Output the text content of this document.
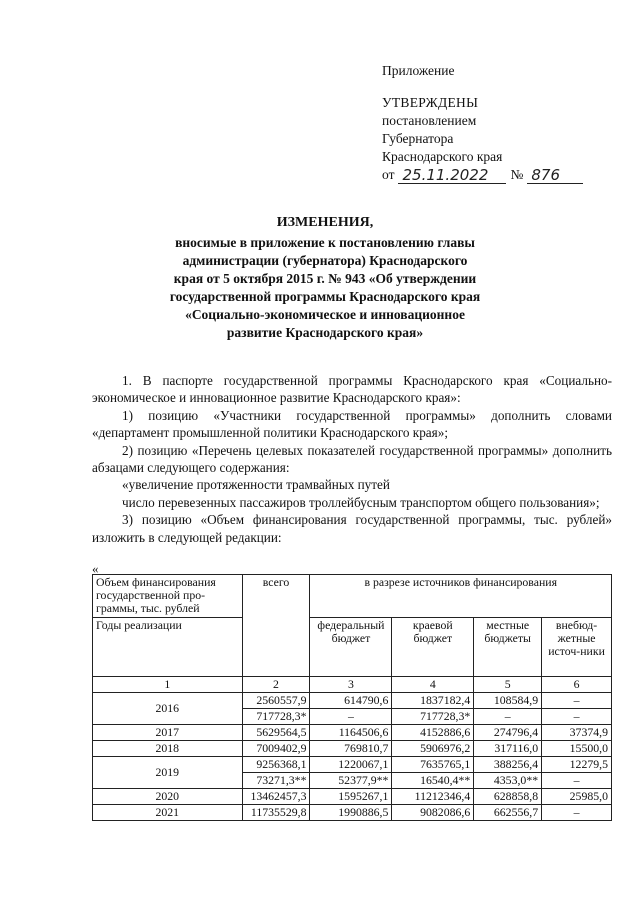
Приложение
УТВЕРЖДЕНЫ
постановлением
Губернатора
Краснодарского края
от 25.11.2022	№ 876
ИЗМЕНЕНИЯ,
вносимые в приложение к постановлению главы
администрации (губернатора) Краснодарского
края от 5 октября 2015 г. № 943 «Об утверждении
государственной программы Краснодарского края
«Социально-экономическое и инновационное
развитие Краснодарского края»

1. В паспорте государственной программы Краснодарского края «Социально-экономическое и инновационное развитие Краснодарского края»:

1) позицию «Участники государственной программы» дополнить словами «департамент промышленной политики Краснодарского края»;

2) позицию «Перечень целевых показателей государственной программы» дополнить абзацами следующего содержания:

«увеличение протяженности трамвайных путей

число перевезенных пассажиров троллейбусным транспортом общего пользования»;

3) позицию «Объем финансирования государственной программы, тыс. рублей» изложить в следующей редакции:

«
Объем финансирования государственной про-граммы, тыс. рублей	всего	в разрезе источников финансирования			
Годы реализации		федеральный бюджет	краевой бюджет	местные бюджеты	внебюд-жетные источ-ники
1	2	3	4	5	6
2016	2560557,9	614790,6	1837182,4	108584,9	–
	717728,3*	–	717728,3*	–	–
2017	5629564,5	1164506,6	4152886,6	274796,4	37374,9
2018	7009402,9	769810,7	5906976,2	317116,0	15500,0
2019	9256368,1	1220067,1	7635765,1	388256,4	12279,5
	73271,3**	52377,9**	16540,4**	4353,0**	–
2020	13462457,3	1595267,1	11212346,4	628858,8	25985,0
2021	11735529,8	1990886,5	9082086,6	662556,7	–
